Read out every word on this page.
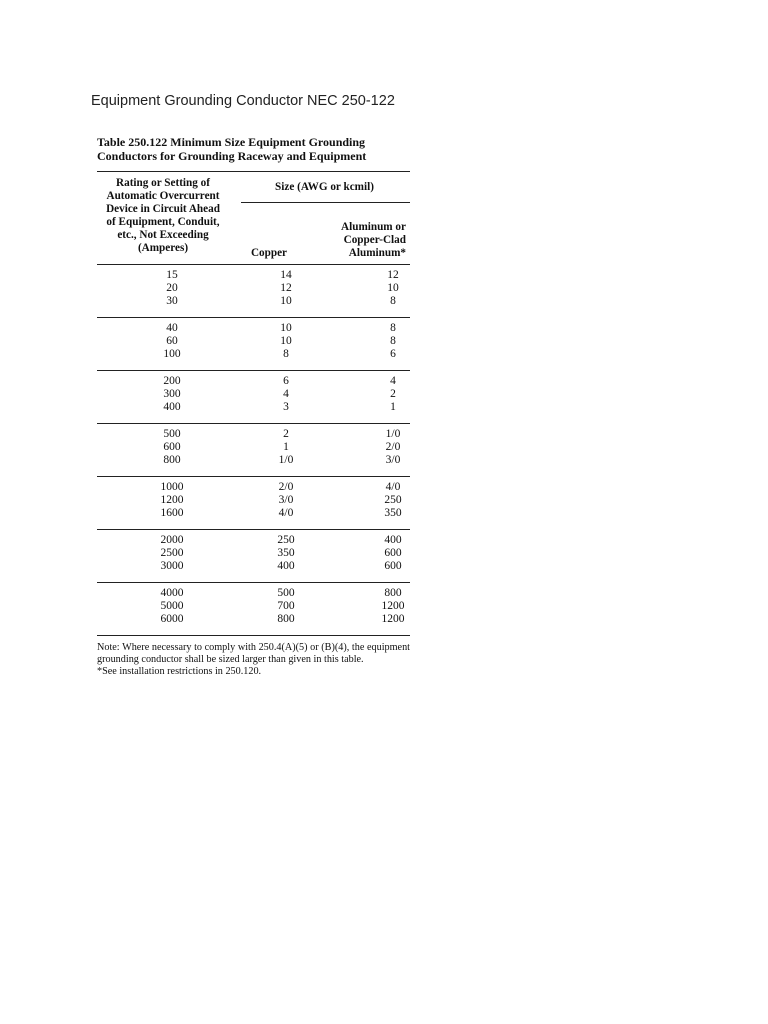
Equipment Grounding Conductor NEC 250-122
Table 250.122 Minimum Size Equipment Grounding
Conductors for Grounding Raceway and Equipment
Rating or Setting of
Automatic Overcurrent
Device in Circuit Ahead
of Equipment, Conduit,
etc., Not Exceeding
(Amperes)
Size (AWG or kcmil)
Copper
Aluminum or
Copper-Clad
Aluminum*
15
20
30
14
12
10
12
10
8
40
60
100
10
10
8
8
8
6
200
300
400
6
4
3
4
2
1
500
600
800
2
1
1/0
1/0
2/0
3/0
1000
1200
1600
2/0
3/0
4/0
4/0
250
350
2000
2500
3000
250
350
400
400
600
600
4000
5000
6000
500
700
800
800
1200
1200
Note: Where necessary to comply with 250.4(A)(5) or (B)(4), the equipment grounding conductor shall be sized larger than given in this table.
*See installation restrictions in 250.120.
